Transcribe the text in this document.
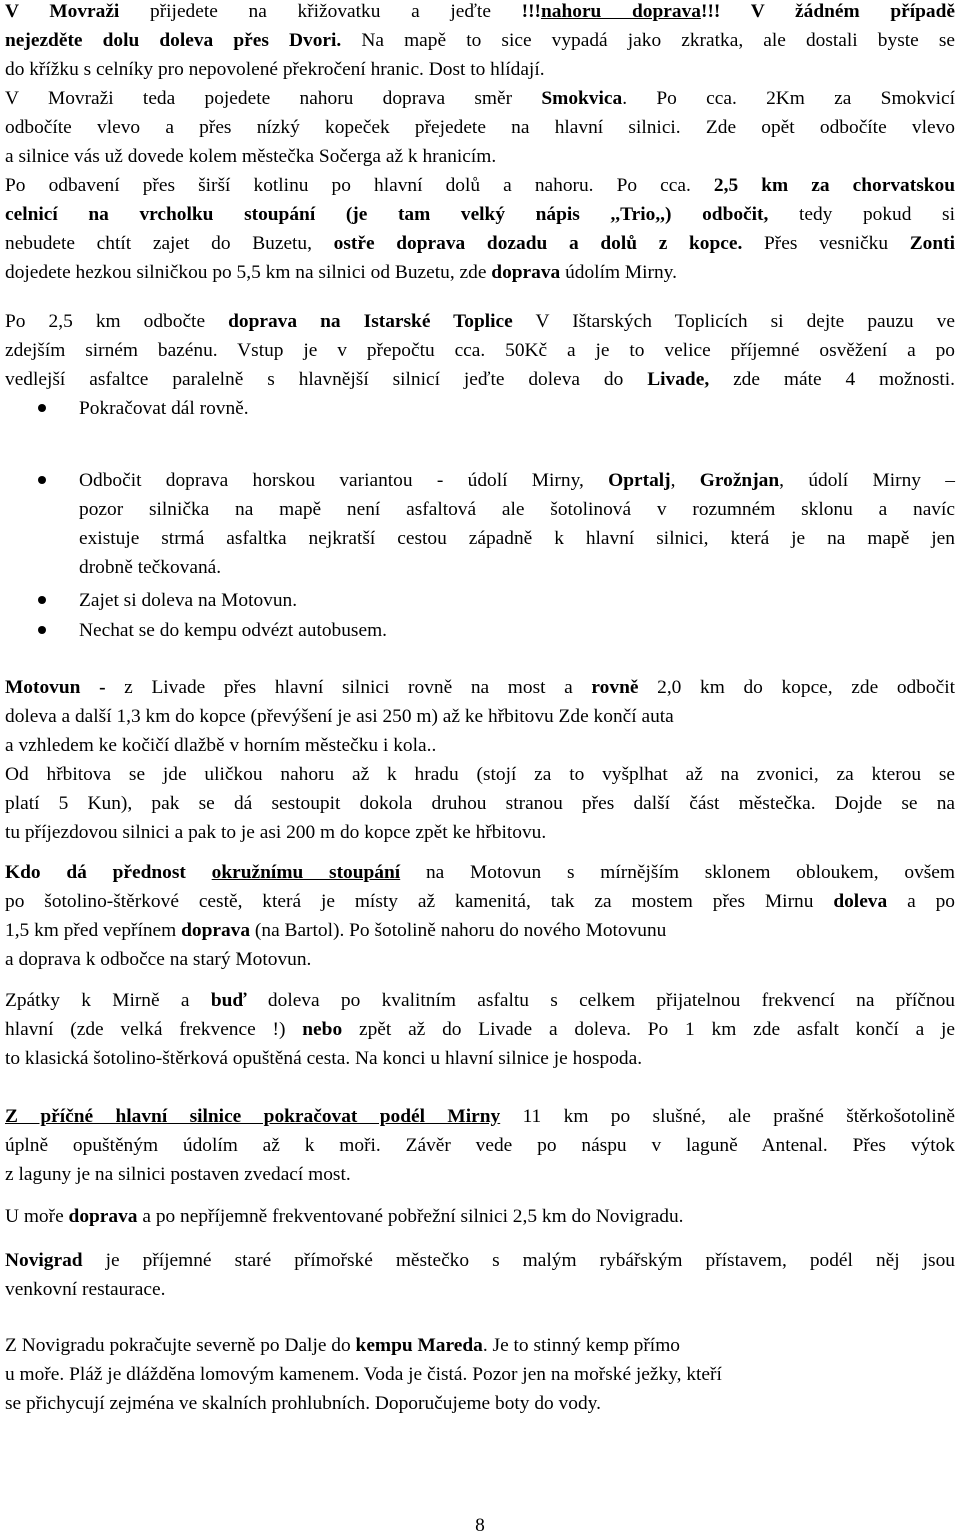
V Movraži přijedete na křižovatku a jeďte !!!nahoru doprava!!! V žádném případě
nejezděte dolu doleva přes Dvori. Na mapě to sice vypadá jako zkratka, ale dostali byste se
do křížku s celníky pro nepovolené překročení hranic. Dost to hlídají.
V Movraži teda pojedete nahoru doprava směr Smokvica. Po cca. 2Km za Smokvicí
odbočíte vlevo a přes nízký kopeček přejedete na hlavní silnici. Zde opět odbočíte vlevo
a silnice vás už dovede kolem městečka Sočerga až k hranicím.
Po odbavení přes širší kotlinu po hlavní dolů a nahoru. Po cca. 2,5 km za chorvatskou
celnicí na vrcholku stoupání (je tam velký nápis ,,Trio,,) odbočit, tedy pokud si
nebudete chtít zajet do Buzetu, ostře doprava dozadu a dolů z kopce. Přes vesničku Zonti
dojedete hezkou silničkou po 5,5 km na silnici od Buzetu, zde doprava údolím Mirny.
Po 2,5 km odbočte doprava na Istarské Toplice V Ištarských Toplicích si dejte pauzu ve
zdejším sirném bazénu. Vstup je v přepočtu cca. 50Kč a je to velice příjemné osvěžení a po
vedlejší asfaltce paralelně s hlavnější silnicí jeďte doleva do Livade, zde máte 4 možnosti.
Pokračovat dál rovně.
Odbočit doprava horskou variantou - údolí Mirny, Oprtalj, Grožnjan, údolí Mirny –
pozor silnička na mapě není asfaltová ale šotolinová v rozumném sklonu a navíc
existuje strmá asfaltka nejkratší cestou západně k hlavní silnici, která je na mapě jen
drobně tečkovaná.
Zajet si doleva na Motovun.
Nechat se do kempu odvézt autobusem.
Motovun - z Livade přes hlavní silnici rovně na most a rovně 2,0 km do kopce, zde odbočit
doleva a další 1,3 km do kopce (převýšení je asi 250 m) až ke hřbitovu Zde končí auta
a vzhledem ke kočičí dlažbě v horním městečku i kola..
Od hřbitova se jde uličkou nahoru až k hradu (stojí za to vyšplhat až na zvonici, za kterou se
platí 5 Kun), pak se dá sestoupit dokola druhou stranou přes další část městečka. Dojde se na
tu příjezdovou silnici a pak to je asi 200 m do kopce zpět ke hřbitovu.
Kdo dá přednost okružnímu stoupání na Motovun s mírnějším sklonem obloukem, ovšem
po šotolino-štěrkové cestě, která je místy až kamenitá, tak za mostem přes Mirnu doleva a po
1,5 km před vepřínem doprava (na Bartol). Po šotolině nahoru do nového Motovunu
a doprava k odbočce na starý Motovun.
Zpátky k Mirně a buď doleva po kvalitním asfaltu s celkem přijatelnou frekvencí na příčnou
hlavní (zde velká frekvence !) nebo zpět až do Livade a doleva. Po 1 km zde asfalt končí a je
to klasická šotolino-štěrková opuštěná cesta. Na konci u hlavní silnice je hospoda.
Z příčné hlavní silnice pokračovat podél Mirny 11 km po slušné, ale prašné štěrkošotolině
úplně opuštěným údolím až k moři. Závěr vede po náspu v laguně Antenal. Přes výtok
z laguny je na silnici postaven zvedací most.
U moře doprava a po nepříjemně frekventované pobřežní silnici 2,5 km do Novigradu.
Novigrad je příjemné staré přímořské městečko s malým rybářským přístavem, podél něj jsou
venkovní restaurace.
Z Novigradu pokračujte severně po Dalje do kempu Mareda. Je to stinný kemp přímo
u moře. Pláž je dlážděna lomovým kamenem. Voda je čistá. Pozor jen na mořské ježky, kteří
se přichycují zejména ve skalních prohlubních. Doporučujeme boty do vody.
8
